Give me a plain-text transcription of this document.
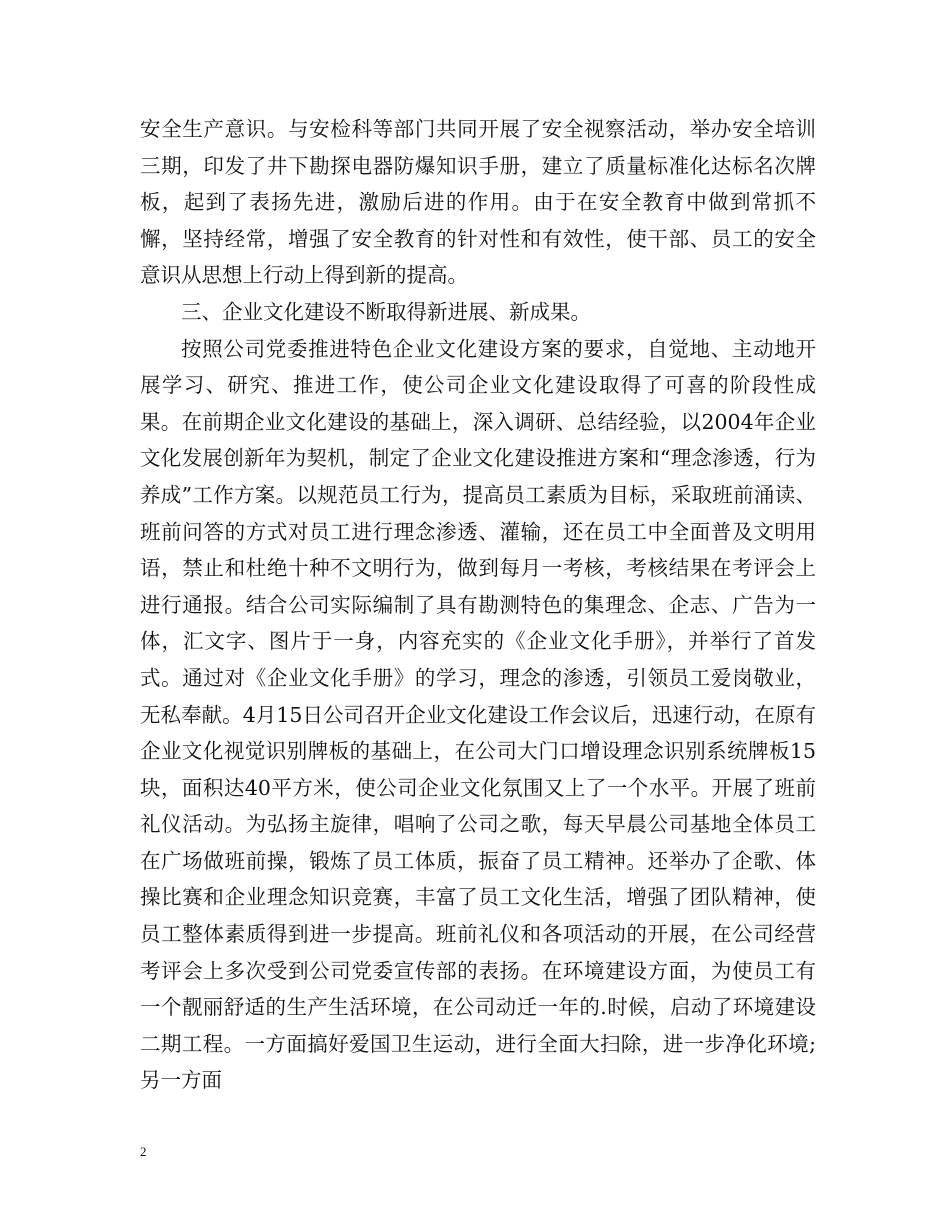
安全生产意识。与安检科等部门共同开展了安全视察活动，举办安全培训三期，印发了井下勘探电器防爆知识手册，建立了质量标准化达标名次牌板，起到了表扬先进，激励后进的作用。由于在安全教育中做到常抓不懈，坚持经常，增强了安全教育的针对性和有效性，使干部、员工的安全意识从思想上行动上得到新的提高。

三、企业文化建设不断取得新进展、新成果。

按照公司党委推进特色企业文化建设方案的要求，自觉地、主动地开展学习、研究、推进工作，使公司企业文化建设取得了可喜的阶段性成果。在前期企业文化建设的基础上，深入调研、总结经验，以2004年企业文化发展创新年为契机，制定了企业文化建设推进方案和“理念渗透，行为养成”工作方案。以规范员工行为，提高员工素质为目标，采取班前涌读、班前问答的方式对员工进行理念渗透、灌输，还在员工中全面普及文明用语，禁止和杜绝十种不文明行为，做到每月一考核，考核结果在考评会上进行通报。结合公司实际编制了具有勘测特色的集理念、企志、广告为一体，汇文字、图片于一身，内容充实的《企业文化手册》，并举行了首发式。通过对《企业文化手册》的学习，理念的渗透，引领员工爱岗敬业，无私奉献。4月15日公司召开企业文化建设工作会议后，迅速行动，在原有企业文化视觉识别牌板的基础上，在公司大门口增设理念识别系统牌板15块，面积达40平方米，使公司企业文化氛围又上了一个水平。开展了班前礼仪活动。为弘扬主旋律，唱响了公司之歌，每天早晨公司基地全体员工在广场做班前操，锻炼了员工体质，振奋了员工精神。还举办了企歌、体操比赛和企业理念知识竞赛，丰富了员工文化生活，增强了团队精神，使员工整体素质得到进一步提高。班前礼仪和各项活动的开展，在公司经营考评会上多次受到公司党委宣传部的表扬。在环境建设方面，为使员工有一个靓丽舒适的生产生活环境，在公司动迁一年的.时候，启动了环境建设二期工程。一方面搞好爱国卫生运动，进行全面大扫除，进一步净化环境;另一方面

2
